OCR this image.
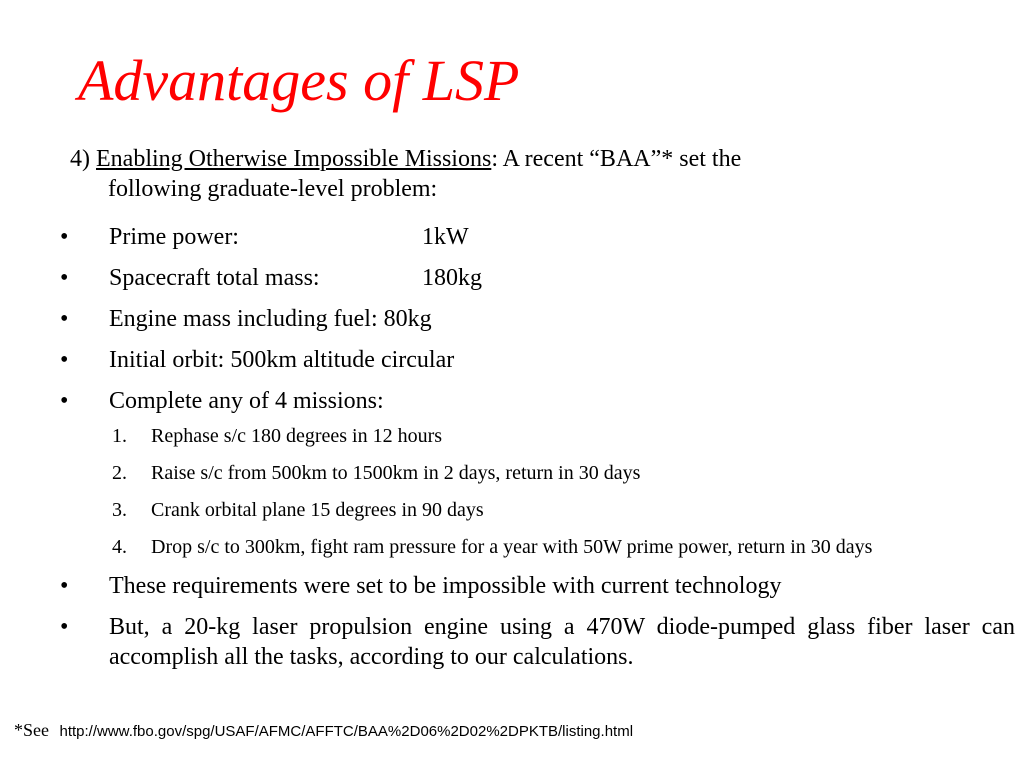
Advantages of LSP
4) Enabling Otherwise Impossible Missions: A recent “BAA”* set the
following graduate-level problem:
• Prime power:	1kW
• Spacecraft total mass:	180kg
• Engine mass including fuel: 80kg
• Initial orbit: 500km altitude circular
• Complete any of 4 missions:
1. Rephase s/c 180 degrees in 12 hours
2. Raise s/c from 500km to 1500km in 2 days, return in 30 days
3. Crank orbital plane 15 degrees in 90 days
4. Drop s/c to 300km, fight ram pressure for a year with 50W prime power, return in 30 days
• These requirements were set to be impossible with current technology
• But, a 20-kg laser propulsion engine using a 470W diode-pumped glass fiber laser can accomplish all the tasks, according to our calculations.
*See http://www.fbo.gov/spg/USAF/AFMC/AFFTC/BAA%2D06%2D02%2DPKTB/listing.html
